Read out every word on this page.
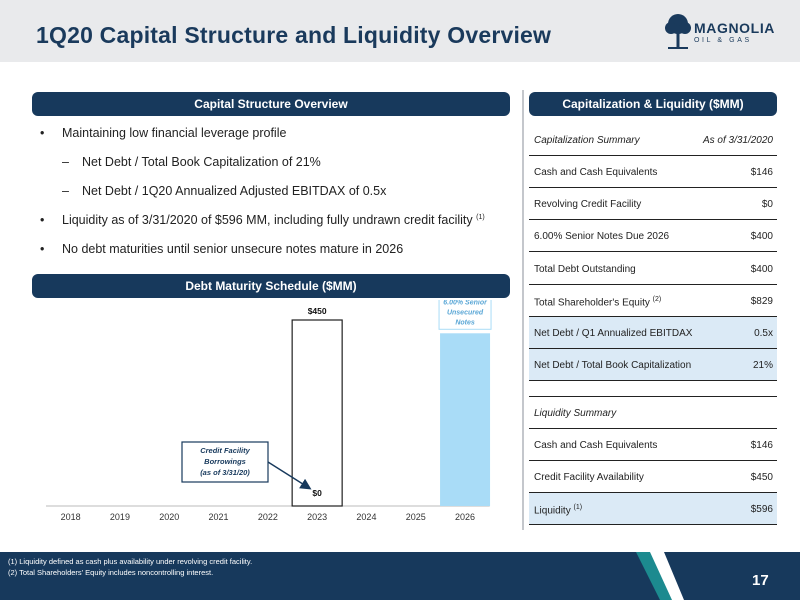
1Q20 Capital Structure and Liquidity Overview	MAGNOLIA
OIL & GAS
Capital Structure Overview
• Maintaining low financial leverage profile
– Net Debt / Total Book Capitalization of 21%
– Net Debt / 1Q20 Annualized Adjusted EBITDAX of 0.5x
• Liquidity as of 3/31/2020 of $596 MM, including fully undrawn credit facility $^{(1)}$
• No debt maturities until senior unsecure notes mature in 2026
Debt Maturity Schedule ($MM)
2018	2019	2020	2021	2022	2023	2024	2025	2026
$450
$0
6.00% Senior
Unsecured
Notes
Credit Facility
Borrowings
(as of 3/31/20)
Capitalization & Liquidity ($MM)
Capitalization Summary	As of 3/31/2020
Cash and Cash Equivalents	$146
Revolving Credit Facility	$0
6.00% Senior Notes Due 2026	$400
Total Debt Outstanding	$400
Total Shareholder's Equity $^{(2)}$	$829
Net Debt / Q1 Annualized EBITDAX	0.5x
Net Debt / Total Book Capitalization	21%
Liquidity Summary
Cash and Cash Equivalents	$146
Credit Facility Availability	$450
Liquidity $^{(1)}$	$596
(1) Liquidity defined as cash plus availability under revolving credit facility.
(2) Total Shareholders' Equity includes noncontrolling interest.	17
